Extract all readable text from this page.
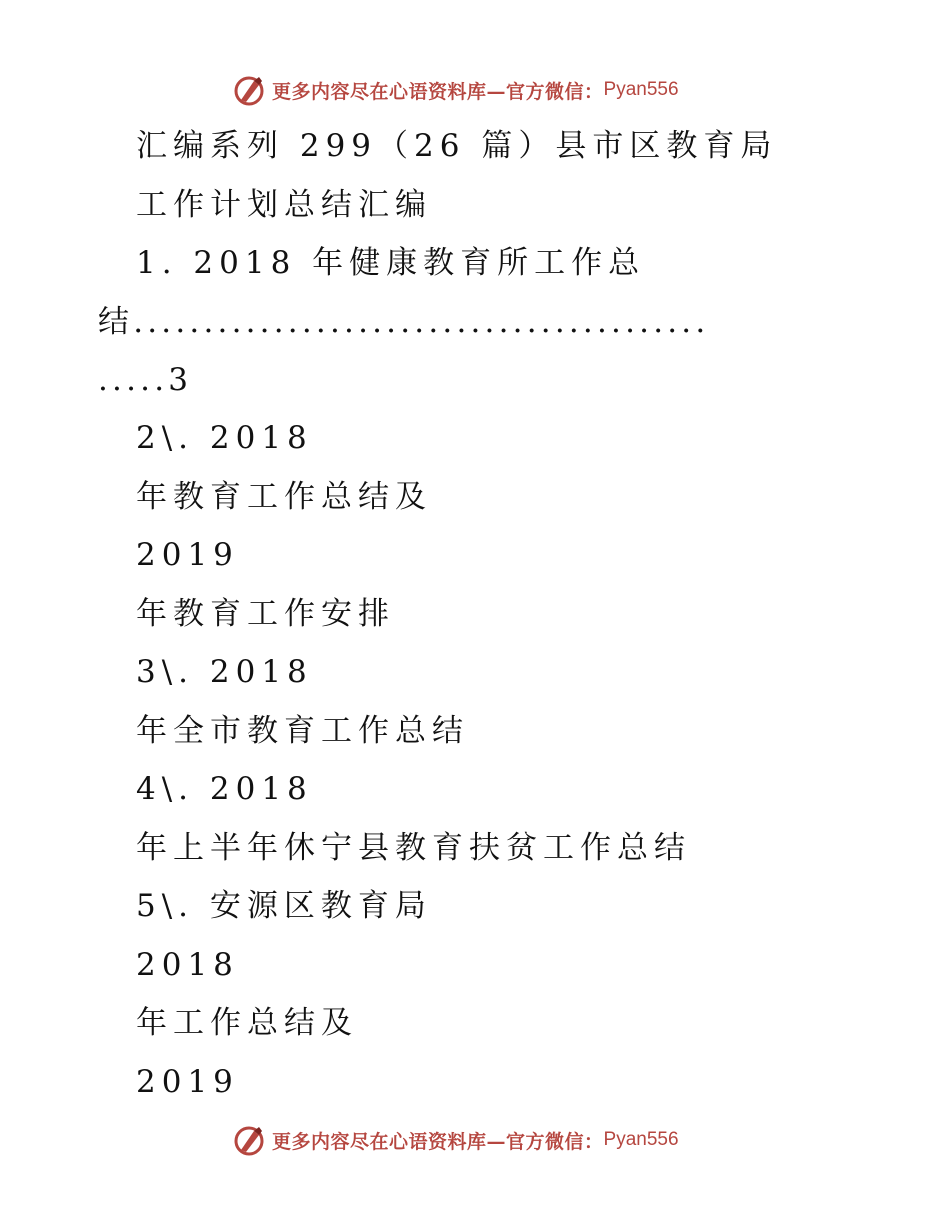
更多内容尽在心语资料库—官方微信： Pyan556
汇编系列 299（26 篇）县市区教育局
工作计划总结汇编
1. 2018 年健康教育所工作总
结.........................................
.....3
2\. 2018
年教育工作总结及
2019
年教育工作安排
3\. 2018
年全市教育工作总结
4\. 2018
年上半年休宁县教育扶贫工作总结
5\. 安源区教育局
2018
年工作总结及
2019
更多内容尽在心语资料库—官方微信： Pyan556
